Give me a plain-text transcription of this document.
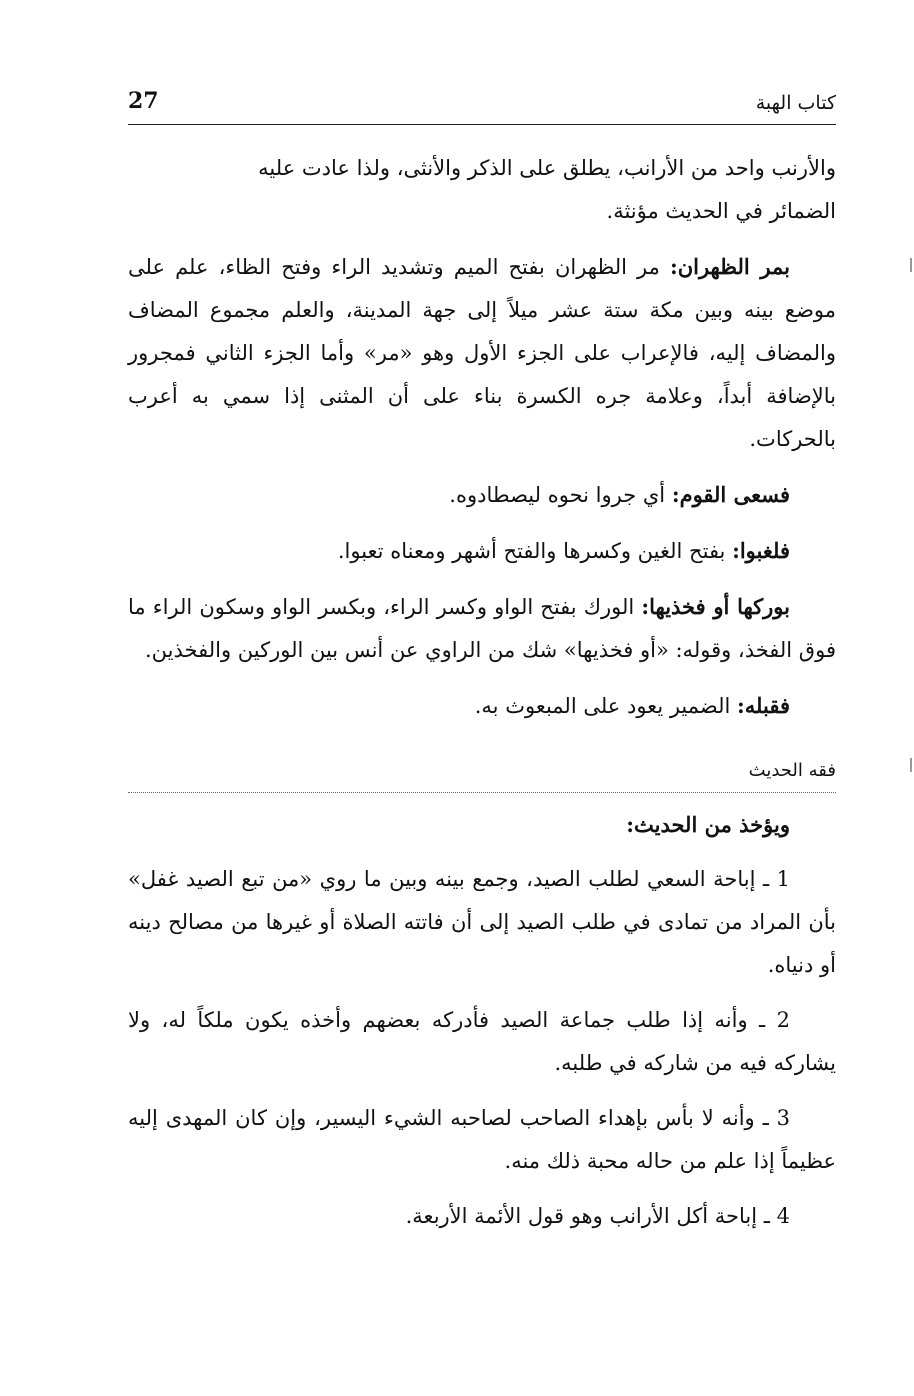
كتاب الهبة
27

والأرنب واحد من الأرانب، يطلق على الذكر والأنثى، ولذا عادت عليه
الضمائر في الحديث مؤنثة.

بمر الظهران: مر الظهران بفتح الميم وتشديد الراء وفتح الظاء، علم على موضع بينه وبين مكة ستة عشر ميلاً إلى جهة المدينة، والعلم مجموع المضاف والمضاف إليه، فالإعراب على الجزء الأول وهو «مر» وأما الجزء الثاني فمجرور بالإضافة أبداً، وعلامة جره الكسرة بناء على أن المثنى إذا سمي به أعرب بالحركات.

فسعى القوم: أي جروا نحوه ليصطادوه.

فلغبوا: بفتح الغين وكسرها والفتح أشهر ومعناه تعبوا.

بوركها أو فخذيها: الورك بفتح الواو وكسر الراء، وبكسر الواو وسكون الراء ما فوق الفخذ، وقوله: «أو فخذيها» شك من الراوي عن أنس بين الوركين والفخذين.

فقبله: الضمير يعود على المبعوث به.

فقه الحديث

ويؤخذ من الحديث:

1 ـ إباحة السعي لطلب الصيد، وجمع بينه وبين ما روي «من تبع الصيد غفل» بأن المراد من تمادى في طلب الصيد إلى أن فاتته الصلاة أو غيرها من مصالح دينه أو دنياه.

2 ـ وأنه إذا طلب جماعة الصيد فأدركه بعضهم وأخذه يكون ملكاً له، ولا يشاركه فيه من شاركه في طلبه.

3 ـ وأنه لا بأس بإهداء الصاحب لصاحبه الشيء اليسير، وإن كان المهدى إليه عظيماً إذا علم من حاله محبة ذلك منه.

4 ـ إباحة أكل الأرانب وهو قول الأئمة الأربعة.
